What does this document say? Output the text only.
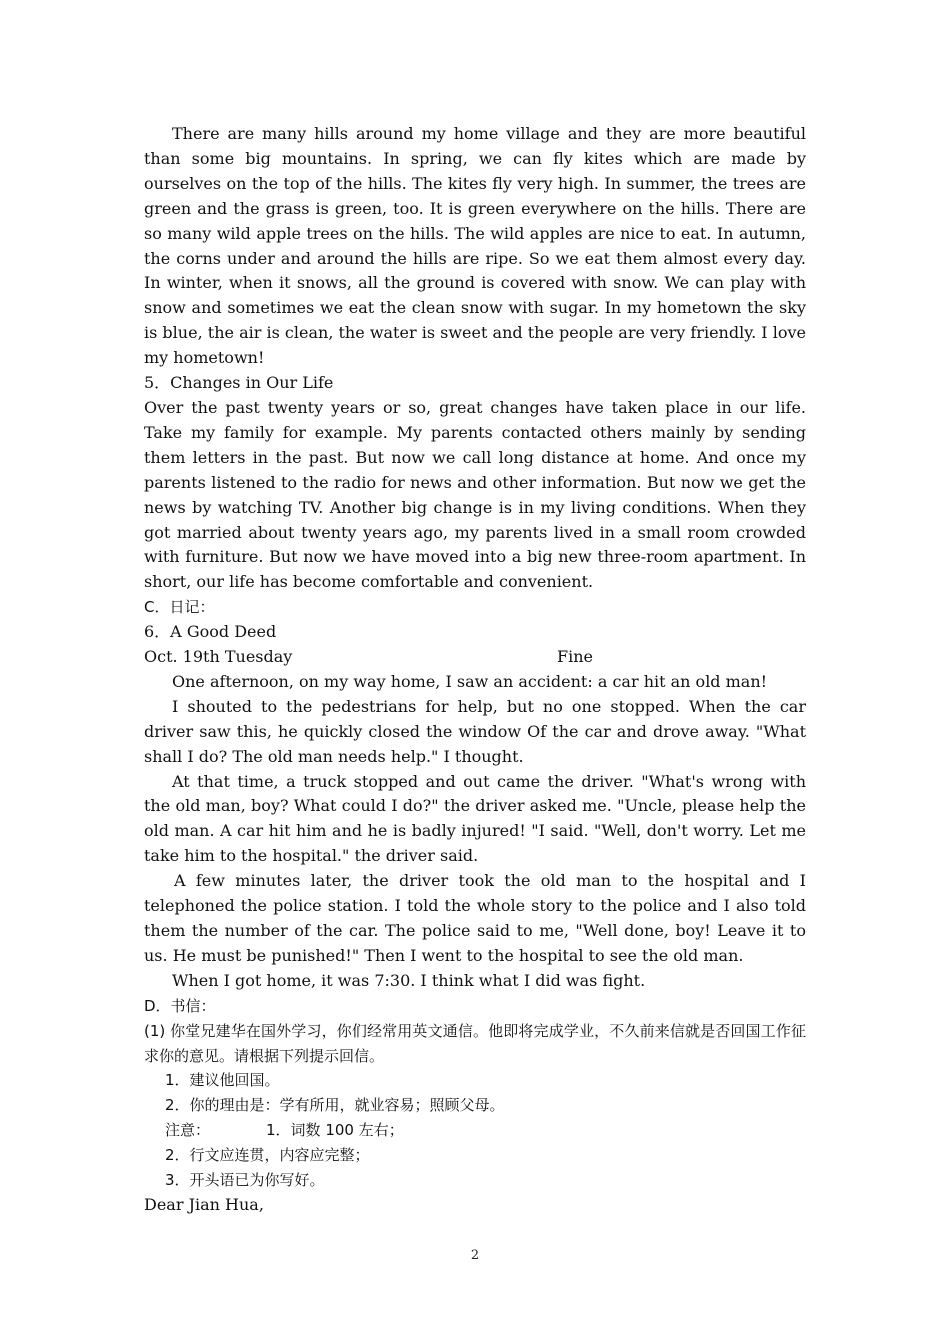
There are many hills around my home village and they are more beautiful than some big mountains. In spring, we can fly kites which are made by ourselves on the top of the hills. The kites fly very high. In summer, the trees are green and the grass is green, too. It is green everywhere on the hills. There are so many wild apple trees on the hills. The wild apples are nice to eat. In autumn, the corns under and around the hills are ripe. So we eat them almost every day. In winter, when it snows, all the ground is covered with snow. We can play with snow and sometimes we eat the clean snow with sugar. In my hometown the sky is blue, the air is clean, the water is sweet and the people are very friendly. I love my hometown!

5．Changes in Our Life

Over the past twenty years or so, great changes have taken place in our life. Take my family for example. My parents contacted others mainly by sending them letters in the past. But now we call long distance at home. And once my parents listened to the radio for news and other information. But now we get the news by watching TV. Another big change is in my living conditions. When they got married about twenty years ago, my parents lived in a small room crowded with furniture. But now we have moved into a big new three-room apartment. In short, our life has become comfortable and convenient.

C．日记：

6．A Good Deed

Oct. 19th Tuesday	Fine

One afternoon, on my way home, I saw an accident: a car hit an old man!

I shouted to the pedestrians for help, but no one stopped. When the car driver saw this, he quickly closed the window Of the car and drove away. "What shall I do? The old man needs help." I thought.

At that time, a truck stopped and out came the driver. "What's wrong with the old man, boy? What could I do?" the driver asked me. "Uncle, please help the old man. A car hit him and he is badly injured! "I said. "Well, don't worry. Let me take him to the hospital." the driver said.

A few minutes later, the driver took the old man to the hospital and I telephoned the police station. I told the whole story to the police and I also told them the number of the car. The police said to me, "Well done, boy! Leave it to us. He must be punished!" Then I went to the hospital to see the old man.

When I got home, it was 7:30. I think what I did was fight.

D．书信：

(1) 你堂兄建华在国外学习，你们经常用英文通信。他即将完成学业，不久前来信就是否回国工作征求你的意见。请根据下列提示回信。

1．建议他回国。

2．你的理由是：学有所用，就业容易；照顾父母。

注意：	1．词数 100 左右；

2．行文应连贯，内容应完整；

3．开头语已为你写好。

Dear Jian Hua,

2
